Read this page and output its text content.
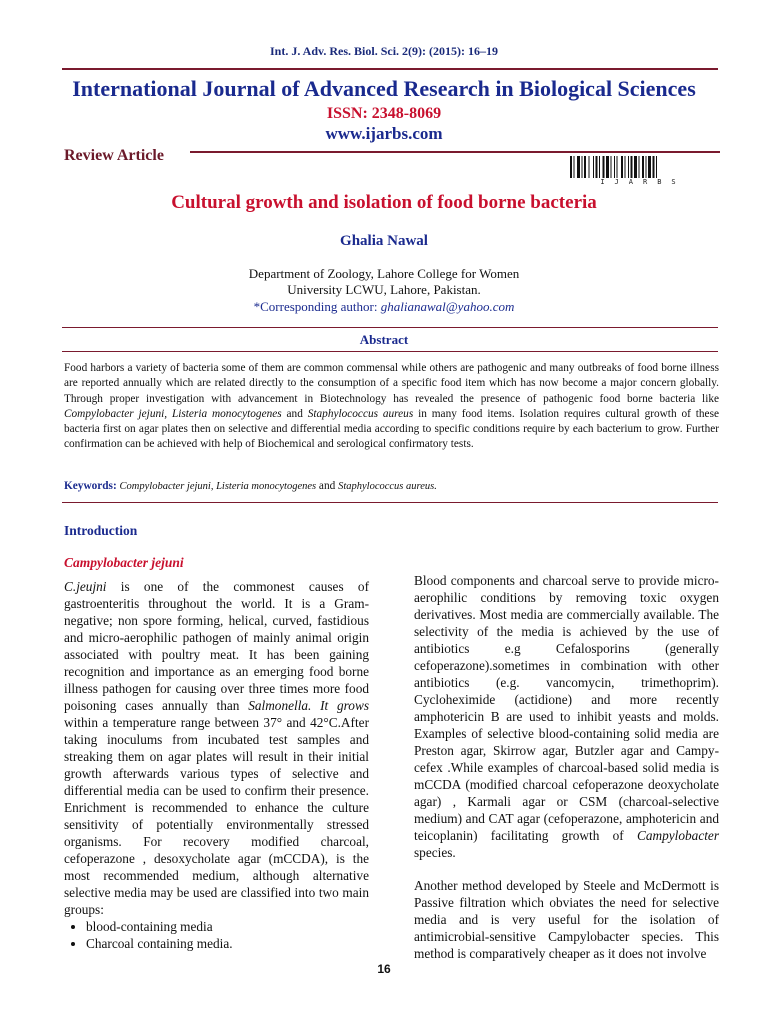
Int. J. Adv. Res. Biol. Sci. 2(9): (2015): 16–19
International Journal of Advanced Research in Biological Sciences
ISSN: 2348-8069
www.ijarbs.com
Review Article
IJARBS
Cultural growth and isolation of food borne bacteria
Ghalia Nawal
Department of Zoology, Lahore College for Women
University LCWU, Lahore, Pakistan.
*Corresponding author: ghalianawal@yahoo.com
Abstract
Food harbors a variety of bacteria some of them are common commensal while others are pathogenic and many outbreaks of food borne illness are reported annually which are related directly to the consumption of a specific food item which has now become a major concern globally. Through proper investigation with advancement in Biotechnology has revealed the presence of pathogenic food borne bacteria like Compylobacter jejuni, Listeria monocytogenes and Staphylococcus aureus in many food items. Isolation requires cultural growth of these bacteria first on agar plates then on selective and differential media according to specific conditions require by each bacterium to grow. Further confirmation can be achieved with help of Biochemical and serological confirmatory tests.
Keywords: Compylobacter jejuni, Listeria monocytogenes and Staphylococcus aureus.
Introduction
Campylobacter jejuni

C.jeujni is one of the commonest causes of gastroenteritis throughout the world. It is a Gram-negative; non spore forming, helical, curved, fastidious and micro-aerophilic pathogen of mainly animal origin associated with poultry meat. It has been gaining recognition and importance as an emerging food borne illness pathogen for causing over three times more food poisoning cases annually than Salmonella. It grows within a temperature range between 37° and 42°C.After taking inoculums from incubated test samples and streaking them on agar plates will result in their initial growth afterwards various types of selective and differential media can be used to confirm their presence. Enrichment is recommended to enhance the culture sensitivity of potentially environmentally stressed organisms. For recovery modified charcoal, cefoperazone , desoxycholate agar (mCCDA), is the most recommended medium, although alternative selective media may be used are classified into two main groups:

• blood-containing media
• Charcoal containing media.

Blood components and charcoal serve to provide micro-aerophilic conditions by removing toxic oxygen derivatives. Most media are commercially available. The selectivity of the media is achieved by the use of antibiotics e.g Cefalosporins (generally cefoperazone).sometimes in combination with other antibiotics (e.g. vancomycin, trimethoprim). Cycloheximide (actidione) and more recently amphotericin B are used to inhibit yeasts and molds. Examples of selective blood-containing solid media are Preston agar, Skirrow agar, Butzler agar and Campy-cefex .While examples of charcoal-based solid media is mCCDA (modified charcoal cefoperazone deoxycholate agar) , Karmali agar or CSM (charcoal-selective medium) and CAT agar (cefoperazone, amphotericin and teicoplanin) facilitating growth of Campylobacter species.

Another method developed by Steele and McDermott is Passive filtration which obviates the need for selective media and is very useful for the isolation of antimicrobial-sensitive Campylobacter species. This method is comparatively cheaper as it does not involve

16
